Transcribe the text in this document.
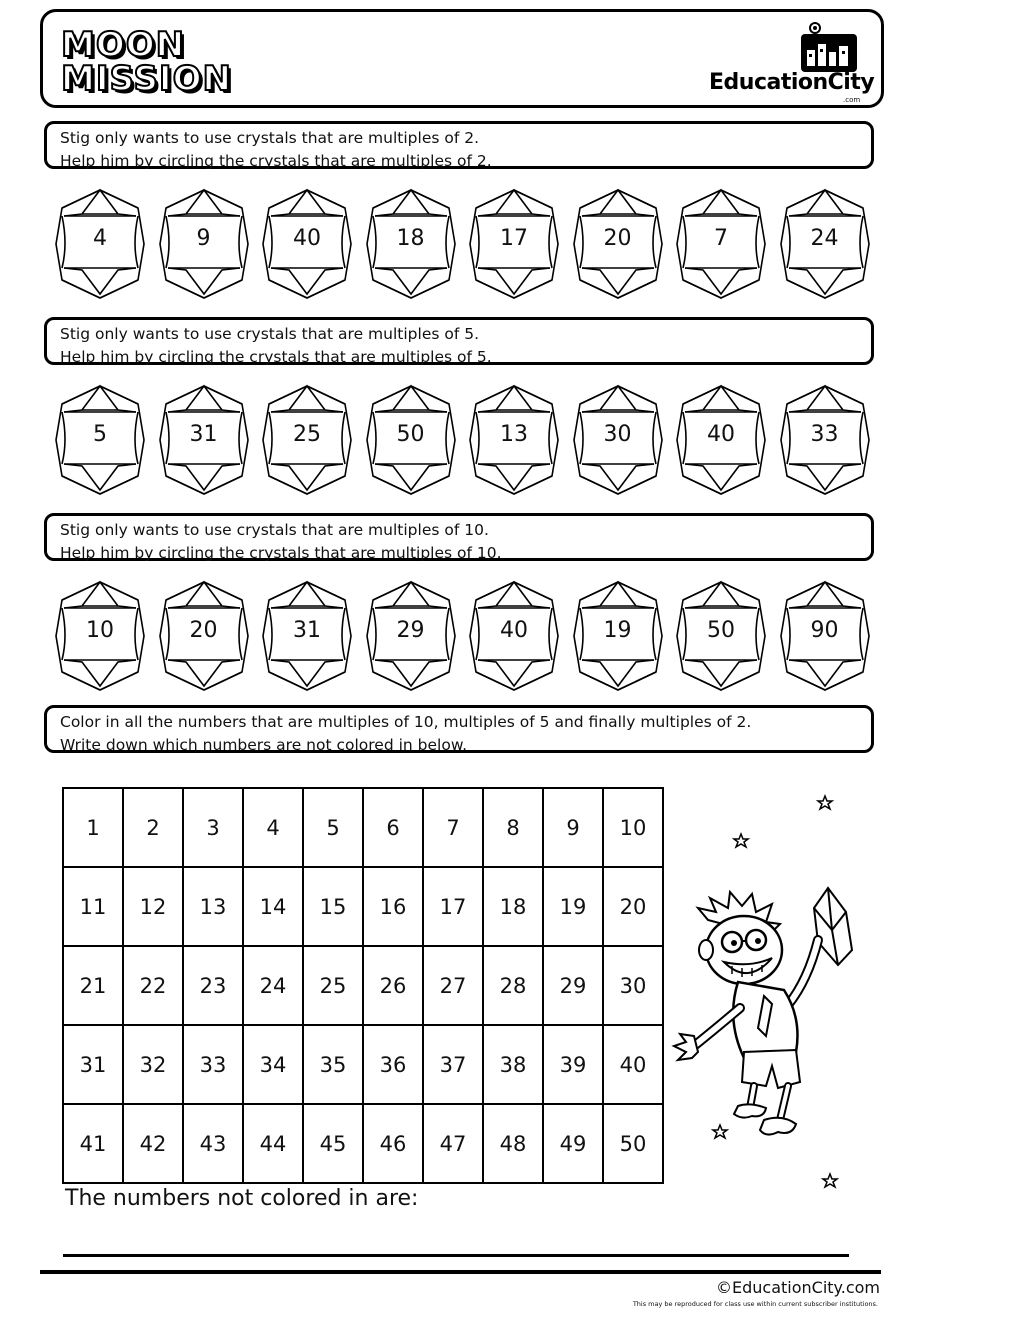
MOON
MISSION	EducationCity
.com
Stig only wants to use crystals that are multiples of 2.
Help him by circling the crystals that are multiples of 2.
4	9	40	18	17	20	7	24
Stig only wants to use crystals that are multiples of 5.
Help him by circling the crystals that are multiples of 5.
5	31	25	50	13	30	40	33
Stig only wants to use crystals that are multiples of 10.
Help him by circling the crystals that are multiples of 10.
10	20	31	29	40	19	50	90
Color in all the numbers that are multiples of 10, multiples of 5 and finally multiples of 2.
Write down which numbers are not colored in below.
1	2	3	4	5	6	7	8	9	10
11	12	13	14	15	16	17	18	19	20
21	22	23	24	25	26	27	28	29	30
31	32	33	34	35	36	37	38	39	40
41	42	43	44	45	46	47	48	49	50
The numbers not colored in are:
©EducationCity.com
This may be reproduced for class use within current subscriber institutions.
